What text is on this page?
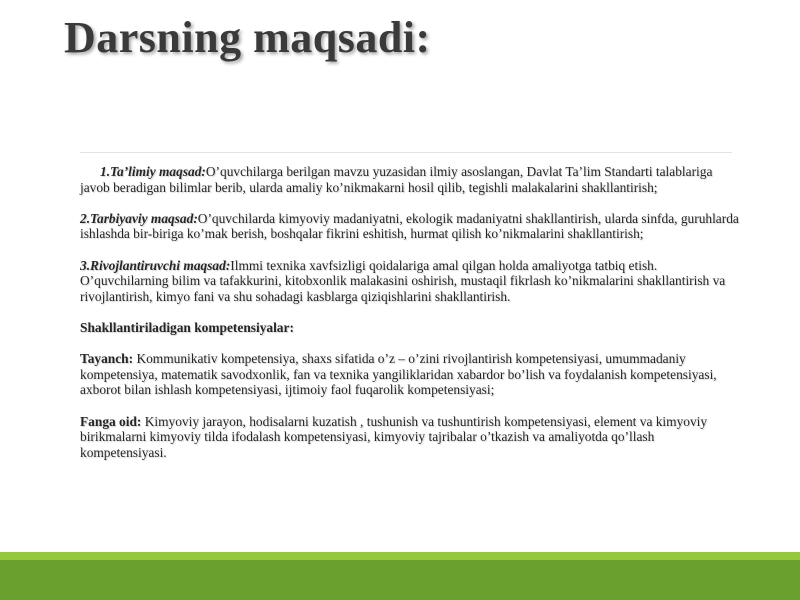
Darsning maqsadi:

1.Ta’limiy maqsad:O’quvchilarga berilgan mavzu yuzasidan ilmiy asoslangan, Davlat Ta’lim Standarti talablariga javob beradigan bilimlar berib, ularda amaliy ko’nikmakarni hosil qilib, tegishli malakalarini shakllantirish;

2.Tarbiyaviy maqsad:O’quvchilarda kimyoviy madaniyatni, ekologik madaniyatni shakllantirish, ularda sinfda, guruhlarda ishlashda bir-biriga ko’mak berish, boshqalar fikrini eshitish, hurmat qilish ko’nikmalarini shakllantirish;

3.Rivojlantiruvchi maqsad:Ilmmi texnika xavfsizligi qoidalariga amal qilgan holda amaliyotga tatbiq etish. O’quvchilarning bilim va tafakkurini, kitobxonlik malakasini oshirish, mustaqil fikrlash ko’nikmalarini shakllantirish va rivojlantirish, kimyo fani va shu sohadagi kasblarga qiziqishlarini shakllantirish.

Shakllantiriladigan kompetensiyalar:

Tayanch: Kommunikativ kompetensiya, shaxs sifatida o’z – o’zini rivojlantirish kompetensiyasi, umummadaniy kompetensiya, matematik savodxonlik, fan va texnika yangiliklaridan xabardor bo’lish va foydalanish kompetensiyasi, axborot bilan ishlash kompetensiyasi, ijtimoiy faol fuqarolik kompetensiyasi;

Fanga oid: Kimyoviy jarayon, hodisalarni kuzatish , tushunish va tushuntirish kompetensiyasi, element va kimyoviy birikmalarni kimyoviy tilda ifodalash kompetensiyasi, kimyoviy tajribalar o’tkazish va amaliyotda qo’llash kompetensiyasi.
